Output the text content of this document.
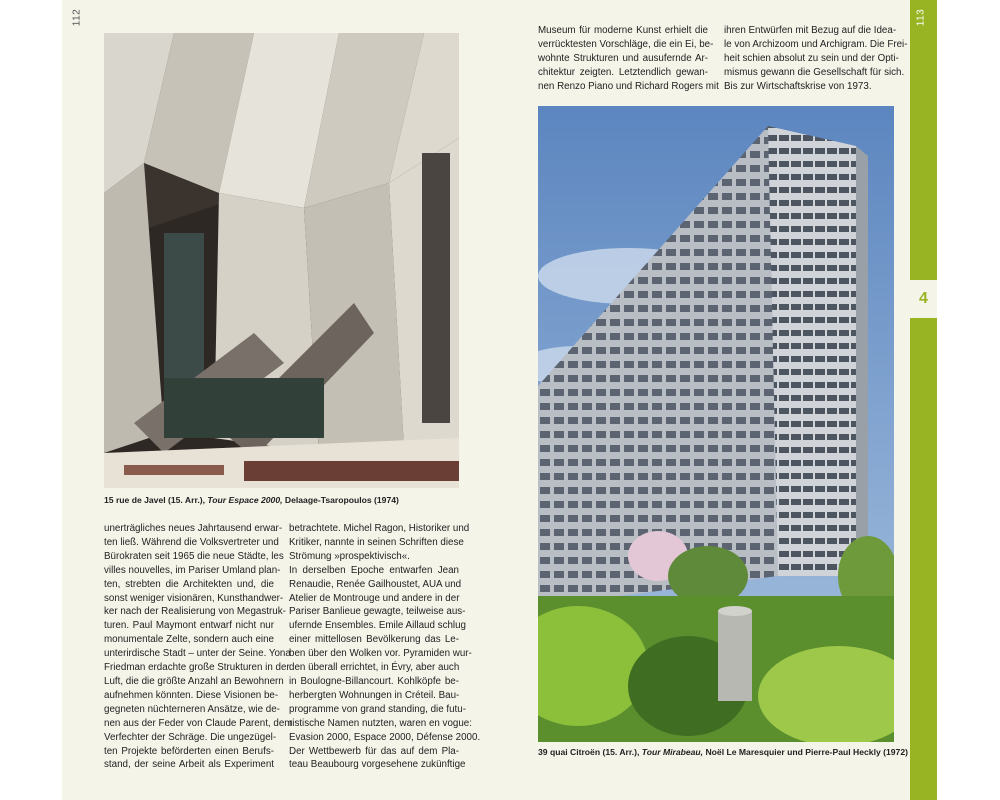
4
112	113
15 rue de Javel (15. Arr.), Tour Espace 2000, Delaage-Tsaropoulos (1974)
39 quai Citroën (15. Arr.), Tour Mirabeau, Noël Le Maresquier und Pierre-Paul Heckly (1972)
unerträgliches neues Jahrtausend erwar-
ten ließ. Während die Volksvertreter und
Bürokraten seit 1965 die neue Städte, les
villes nouvelles, im Pariser Umland plan-
ten, strebten die Architekten und, die
sonst weniger visionären, Kunsthandwer-
ker nach der Realisierung von Megastruk-
turen. Paul Maymont entwarf nicht nur
monumentale Zelte, sondern auch eine
unterirdische Stadt – unter der Seine. Yona
Friedman erdachte große Strukturen in der
Luft, die die größte Anzahl an Bewohnern
aufnehmen könnten. Diese Visionen be-
gegneten nüchterneren Ansätze, wie de-
nen aus der Feder von Claude Parent, dem
Verfechter der Schräge. Die ungezügel-
ten Projekte beförderten einen Berufs-
stand, der seine Arbeit als Experiment
betrachtete. Michel Ragon, Historiker und
Kritiker, nannte in seinen Schriften diese
Strömung »prospektivisch«.
In derselben Epoche entwarfen Jean
Renaudie, Renée Gailhoustet, AUA und
Atelier de Montrouge und andere in der
Pariser Banlieue gewagte, teilweise aus-
ufernde Ensembles. Emile Aillaud schlug
einer mittellosen Bevölkerung das Le-
ben über den Wolken vor. Pyramiden wur-
den überall errichtet, in Évry, aber auch
in Boulogne-Billancourt. Kohlköpfe be-
herbergten Wohnungen in Créteil. Bau-
programme von grand standing, die futu-
ristische Namen nutzten, waren en vogue:
Evasion 2000, Espace 2000, Défense 2000.
Der Wettbewerb für das auf dem Pla-
teau Beaubourg vorgesehene zukünftige
Museum für moderne Kunst erhielt die
verrücktesten Vorschläge, die ein Ei, be-
wohnte Strukturen und ausufernde Ar-
chitektur zeigten. Letztendlich gewan-
nen Renzo Piano und Richard Rogers mit
ihren Entwürfen mit Bezug auf die Idea-
le von Archizoom und Archigram. Die Frei-
heit schien absolut zu sein und der Opti-
mismus gewann die Gesellschaft für sich.
Bis zur Wirtschaftskrise von 1973.
